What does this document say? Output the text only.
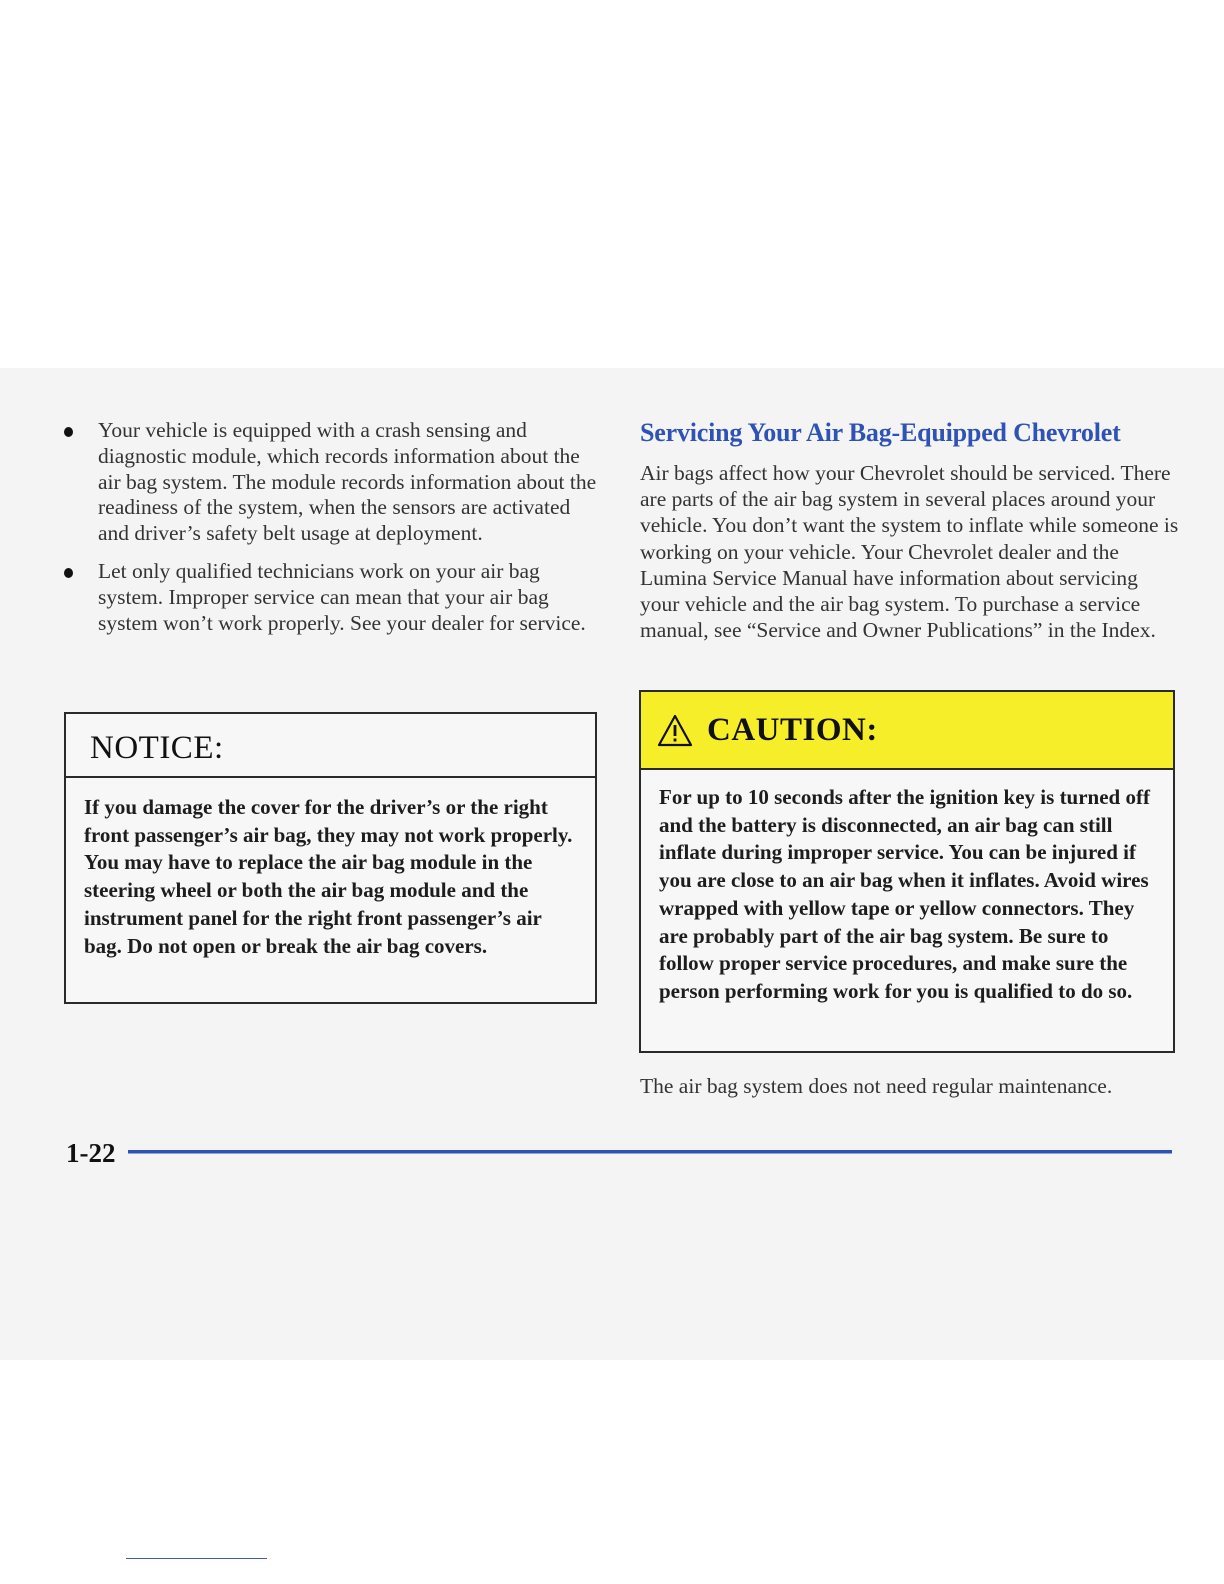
Your vehicle is equipped with a crash sensing and diagnostic module, which records information about the air bag system. The module records information about the readiness of the system, when the sensors are activated and driver’s safety belt usage at deployment.
Let only qualified technicians work on your air bag system. Improper service can mean that your air bag system won’t work properly. See your dealer for service.
NOTICE:
If you damage the cover for the driver’s or the right front passenger’s air bag, they may not work properly. You may have to replace the air bag module in the steering wheel or both the air bag module and the instrument panel for the right front passenger’s air bag. Do not open or break the air bag covers.
Servicing Your Air Bag-Equipped Chevrolet

Air bags affect how your Chevrolet should be serviced. There are parts of the air bag system in several places around your vehicle. You don’t want the system to inflate while someone is working on your vehicle. Your Chevrolet dealer and the Lumina Service Manual have information about servicing your vehicle and the air bag system. To purchase a service manual, see “Service and Owner Publications” in the Index.

CAUTION:
For up to 10 seconds after the ignition key is turned off and the battery is disconnected, an air bag can still inflate during improper service. You can be injured if you are close to an air bag when it inflates. Avoid wires wrapped with yellow tape or yellow connectors. They are probably part of the air bag system. Be sure to follow proper service procedures, and make sure the person performing work for you is qualified to do so.
The air bag system does not need regular maintenance.
1-22
